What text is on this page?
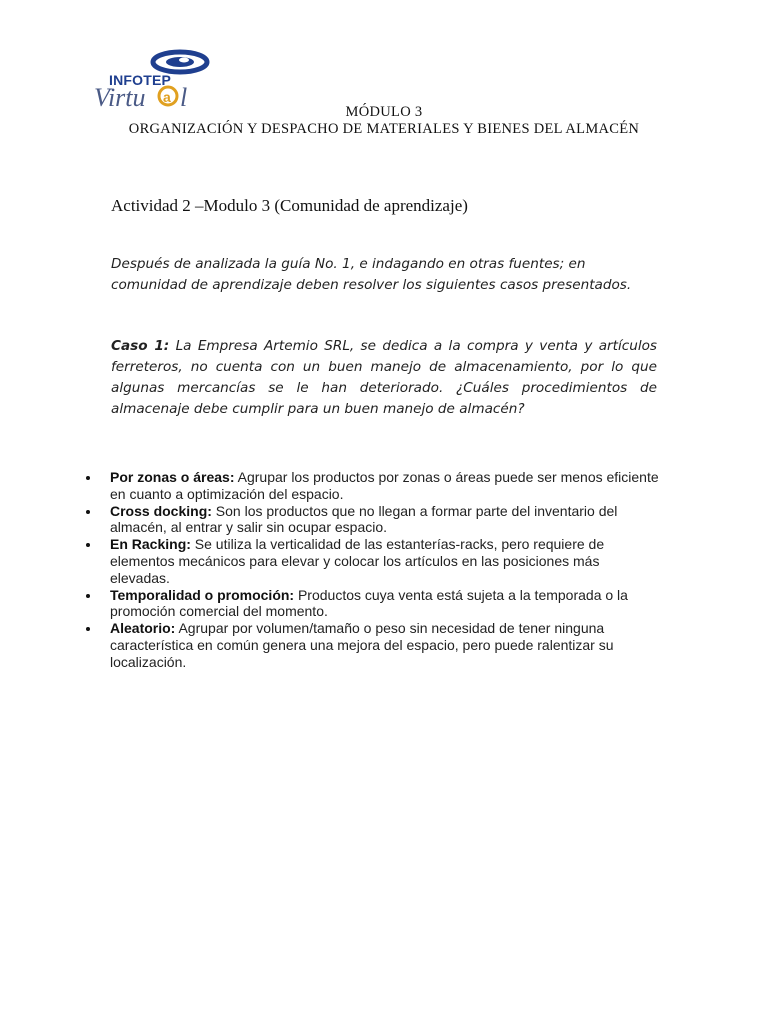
Virtu a l
INFOTEP
MÓDULO 3
ORGANIZACIÓN Y DESPACHO DE MATERIALES Y BIENES DEL ALMACÉN
Actividad 2 –Modulo 3 (Comunidad de aprendizaje)
Después de analizada la guía No. 1, e indagando en otras fuentes; en comunidad de aprendizaje deben resolver los siguientes casos presentados.
Caso 1: La Empresa Artemio SRL, se dedica a la compra y venta y artículos ferreteros, no cuenta con un buen manejo de almacenamiento, por lo que algunas mercancías se le han deteriorado. ¿Cuáles procedimientos de almacenaje debe cumplir para un buen manejo de almacén?
Por zonas o áreas: Agrupar los productos por zonas o áreas puede ser menos eficiente en cuanto a optimización del espacio.
Cross docking: Son los productos que no llegan a formar parte del inventario del almacén, al entrar y salir sin ocupar espacio.
En Racking: Se utiliza la verticalidad de las estanterías-racks, pero requiere de elementos mecánicos para elevar y colocar los artículos en las posiciones más elevadas.
Temporalidad o promoción: Productos cuya venta está sujeta a la temporada o la promoción comercial del momento.
Aleatorio: Agrupar por volumen/tamaño o peso sin necesidad de tener ninguna característica en común genera una mejora del espacio, pero puede ralentizar su localización.
